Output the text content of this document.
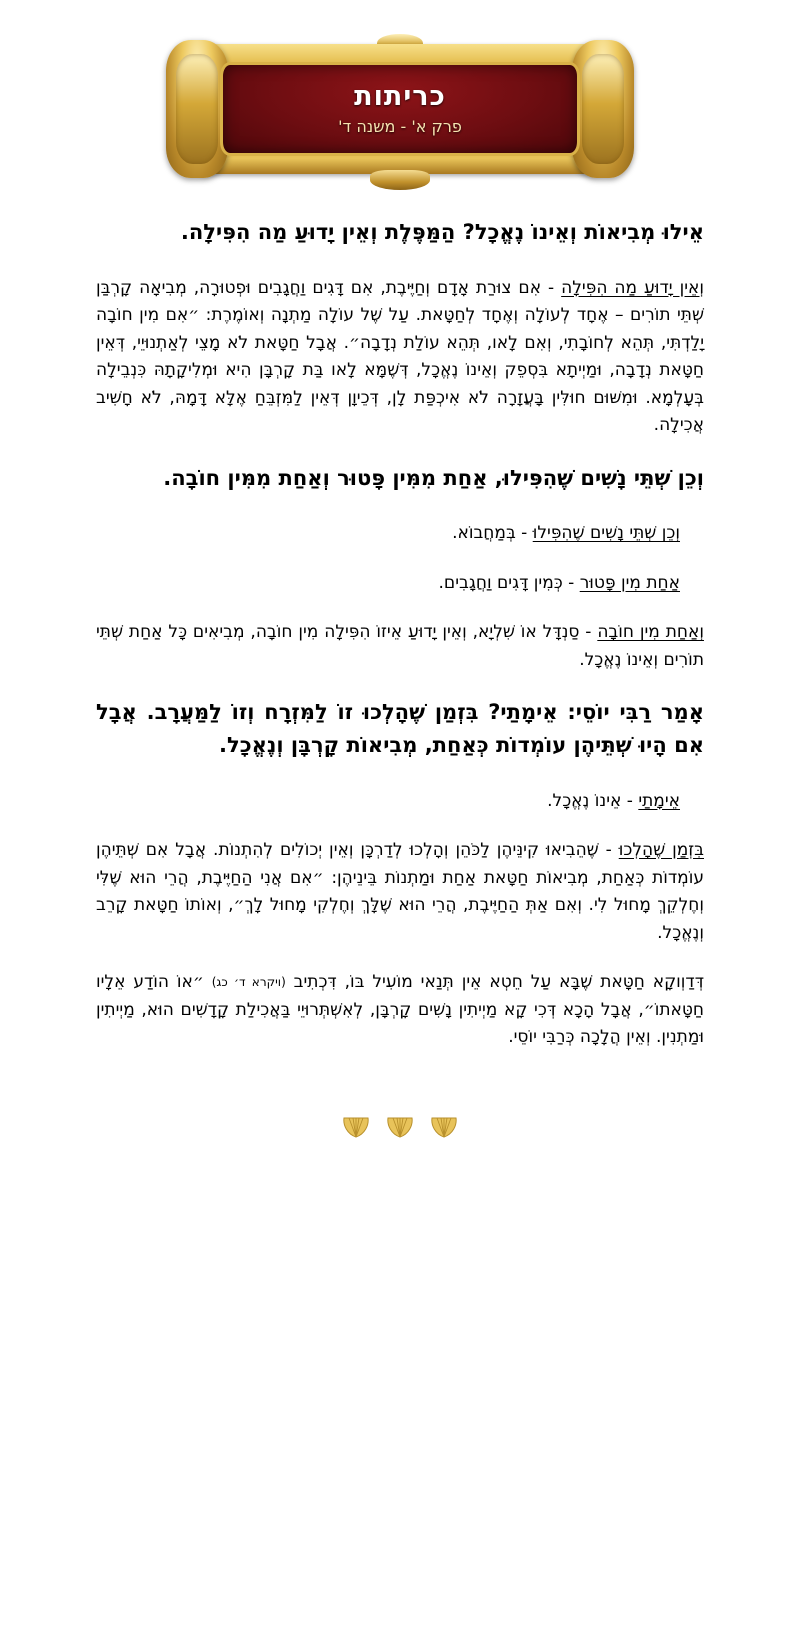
כריתות
פרק א' - משנה ד'

אֵילוּ מְבִיאוֹת וְאֵינוֹ נֶאֱכָל? הַמַּפֶּלֶת וְאֵין יָדוּעַ מַה הִפִּילָה.

וְאֵין יָדוּעַ מַה הִפִּילָה - אִם צוּרַת אָדָם וְחַיֶּיבֶת, אִם דָּגִים וַחֲגָבִים וּפְטוּרָה, מְבִיאָה קָרְבַּן שְׁתֵּי תוֹרִים – אֶחָד לְעוֹלָה וְאֶחָד לְחַטָּאת. עַל שֶׁל עוֹלָה מַתְנָה וְאוֹמֶרֶת: ״אִם מִין חוֹבָה יָלַדְתִּי, תְּהֵא לְחוֹבָתִי, וְאִם לָאו, תְּהֵא עוֹלַת נְדָבָה״. אֲבָל חַטָּאת לֹא מָצֵי לְאַתְנוּיֵי, דְּאֵין חַטָּאת נְדָבָה, וּמַיְיתָא בִּסְפֵק וְאֵינוֹ נֶאֱכָל, דְּשֶׁמָּא לָאו בַּת קָרְבָּן הִיא וּמְלִיקָתָהּ כִּנְבֵילָה בְּעָלְמָא. וּמִשּׁוּם חוּלִּין בָּעֲזָרָה לֹא אִיכְפַּת לָן, דְּכֵיוָן דְּאֵין לַמִּזְבֵּחַ אֶלָּא דָּמָהּ, לֹא חָשִׁיב אֲכִילָה.

וְכֵן שְׁתֵּי נָשִׁים שֶׁהִפִּילוּ, אַחַת מִמִּין פָּטוּר וְאַחַת מִמִּין חוֹבָה.

וְכֵן שְׁתֵּי נָשִׁים שֶׁהִפִּילוּ - בְּמַחֲבוֹא.

אַחַת מִין פָּטוּר - כְּמִין דָּגִים וַחֲגָבִים.

וְאַחַת מִין חוֹבָה - סַנְדָּל אוֹ שִׁלְיָא, וְאֵין יָדוּעַ אֵיזוֹ הִפִּילָה מִין חוֹבָה, מְבִיאִים כָּל אַחַת שְׁתֵּי תוֹרִים וְאֵינוֹ נֶאֱכָל.

אָמַר רַבִּי יוֹסֵי: אֵימָתַי? בִּזְמַן שֶׁהָלְכוּ זוֹ לַמִּזְרָח וְזוֹ לַמַּעֲרָב. אֲבָל אִם הָיוּ שְׁתֵּיהֶן עוֹמְדוֹת כְּאַחַת, מְבִיאוֹת קָרְבָּן וְנֶאֱכָל.

אֵימָתַי - אֵינוֹ נֶאֱכָל.

בִּזְמַן שֶׁהָלְכוּ - שֶׁהֵבִיאוּ קִינֵּיהֶן לַכֹּהֵן וְהָלְכוּ לְדַרְכָּן וְאֵין יְכוֹלִים לְהִתְנוֹת. אֲבָל אִם שְׁתֵּיהֶן עוֹמְדוֹת כְּאַחַת, מְבִיאוֹת חַטָּאת אַחַת וּמַתְנוֹת בֵּינֵיהֶן: ״אִם אֲנִי הַחַיֶּיבֶת, הֲרֵי הוּא שֶׁלִּי וְחֶלְקֵךְ מָחוּל לִי. וְאִם אַתְּ הַחַיֶּיבֶת, הֲרֵי הוּא שֶׁלָּךְ וְחֶלְקִי מָחוּל לָךְ״, וְאוֹתוֹ חַטָּאת קָרֵב וְנֶאֱכָל.

דְּדַוְוקָא חַטָּאת שֶׁבָּא עַל חֵטְא אֵין תְּנַאי מוֹעִיל בּוֹ, דִּכְתִיב (ויקרא ד׳ כג) ״אוֹ הוֹדַע אֵלָיו חַטָּאתוֹ״, אֲבָל הָכָא דְּכִי קָא מַיְיתִין נָשִׁים קָרְבָּן, לְאִשְׁתְּרוּיֵי בַּאֲכִילַת קָדָשִׁים הוּא, מַיְיתִין וּמַתְנִין. וְאֵין הֲלָכָה כְּרַבִּי יוֹסֵי.
